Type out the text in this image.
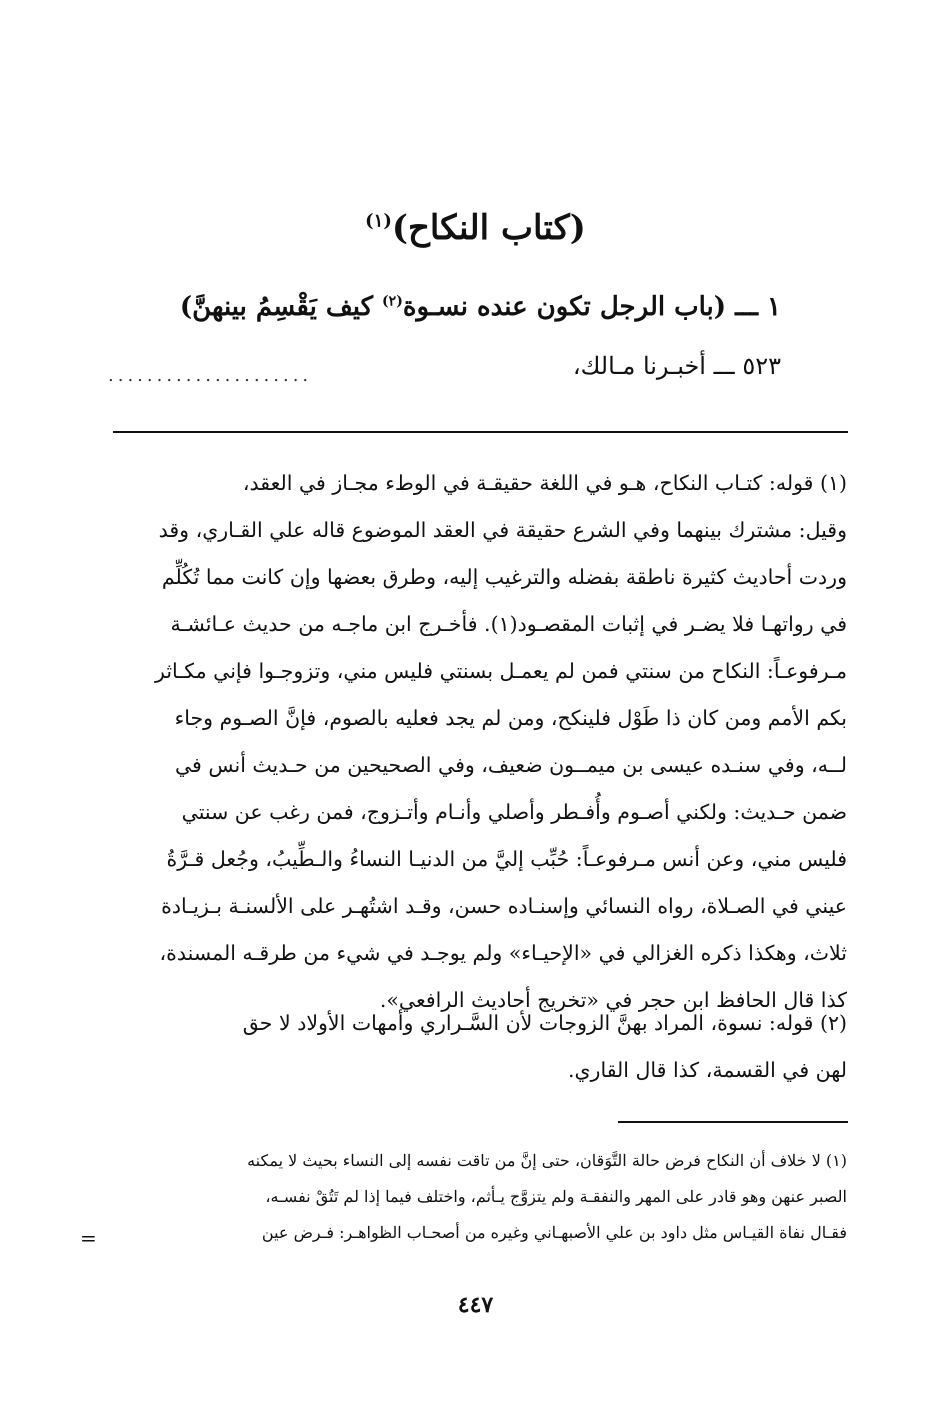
(كتاب النكاح)$^{(١)}$
١ ـــ (باب الرجل تكون عنده نسـوة$^{(٢)}$ كيف يَقْسِمُ بينهنَّ)
٥٢٣ ـــ أخبـرنا مـالك،
.....................
(١) قوله: كتـاب النكاح، هـو في اللغة حقيقـة في الوطء مجـاز في العقد،
وقيل: مشترك بينهما وفي الشرع حقيقة في العقد الموضوع قاله علي القـاري، وقد
وردت أحاديث كثيرة ناطقة بفضله والترغيب إليه، وطرق بعضها وإن كانت مما تُكُلِّم
في رواتهـا فلا يضـر في إثبات المقصـود(١). فأخـرج ابن ماجـه من حديث عـائشـة
مـرفوعـاً: النكاح من سنتي فمن لم يعمـل بسنتي فليس مني، وتزوجـوا فإني مكـاثر
بكم الأمم ومن كان ذا طَوْل فلينكح، ومن لم يجد فعليه بالصوم، فإنَّ الصـوم وجاء
لــه، وفي سنـده عيسى بن ميمــون ضعيف، وفي الصحيحين من حـديث أنس في
ضمن حـديث: ولكني أصـوم وأُفـطر وأصلي وأنـام وأتـزوج، فمن رغب عن سنتي
فليس مني، وعن أنس مـرفوعـاً: حُبِّب إليَّ من الدنيـا النساءُ والـطِّيبُ، وجُعل قـرَّةُ
عيني في الصـلاة، رواه النسائي وإسنـاده حسن، وقـد اشتُهـر على الألسنـة بـزيـادة
ثلاث، وهكذا ذكره الغزالي في «الإحيـاء» ولم يوجـد في شيء من طرقـه المسندة،
كذا قال الحافظ ابن حجر في «تخريج أحاديث الرافعي».
(٢) قوله: نسوة، المراد بهنَّ الزوجات لأن السَّـراري وأمهات الأولاد لا حق
لهن في القسمة، كذا قال القاري.
(١) لا خلاف أن النكاح فرض حالة التَّوَقان، حتى إنَّ من تاقت نفسه إلى النساء بحيث لا يمكنه
الصبر عنهن وهو قادر على المهر والنفقـة ولم يتزوَّج يـأثم، واختلف فيما إذا لم تَتُقْ نفسـه،
فقـال نفاة القيـاس مثل داود بن علي الأصبهـاني وغيره من أصحـاب الظواهـر: فـرض عين
=
٤٤٧
